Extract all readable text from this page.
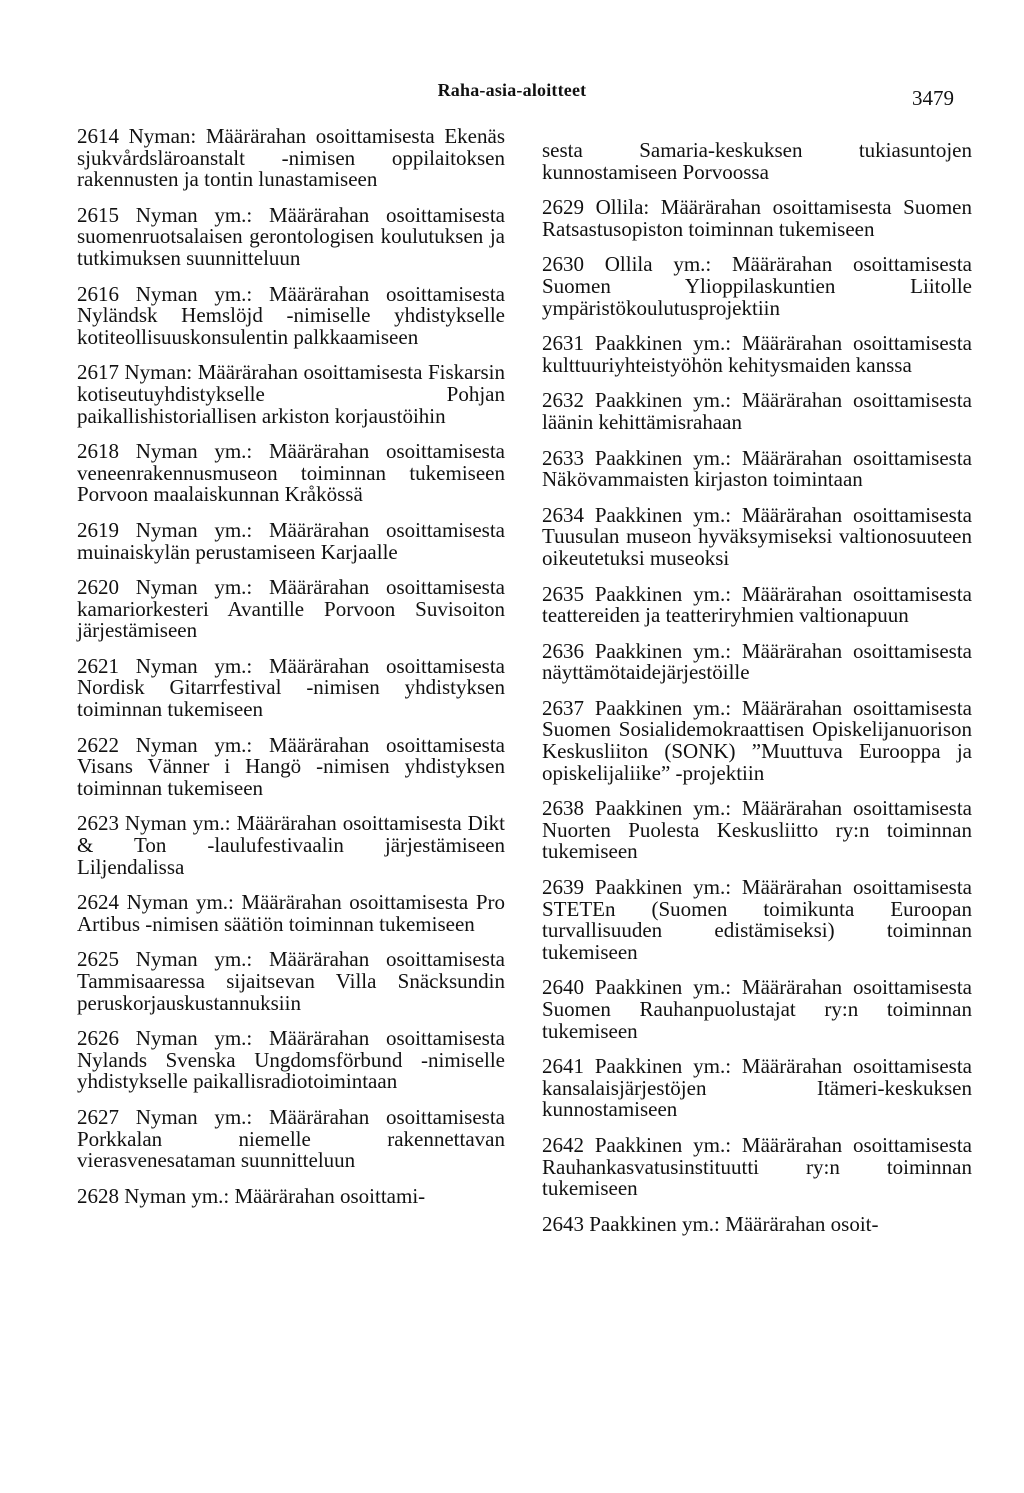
Raha-asia-aloitteet	3479

2614 Nyman: Määrärahan osoittamisesta Ekenäs sjukvårdsläroanstalt -nimisen oppilaitoksen rakennusten ja tontin lunastamiseen

2615 Nyman ym.: Määrärahan osoittamisesta suomenruotsalaisen gerontologisen koulutuksen ja tutkimuksen suunnitteluun

2616 Nyman ym.: Määrärahan osoittamisesta Nyländsk Hemslöjd -nimiselle yhdistykselle kotiteollisuuskonsulentin palkkaamiseen

2617 Nyman: Määrärahan osoittamisesta Fiskarsin kotiseutuyhdistykselle Pohjan paikallishistoriallisen arkiston korjaustöihin

2618 Nyman ym.: Määrärahan osoittamisesta veneenrakennusmuseon toiminnan tukemiseen Porvoon maalaiskunnan Kråkössä

2619 Nyman ym.: Määrärahan osoittamisesta muinaiskylän perustamiseen Karjaalle

2620 Nyman ym.: Määrärahan osoittamisesta kamariorkesteri Avantille Porvoon Suvisoiton järjestämiseen

2621 Nyman ym.: Määrärahan osoittamisesta Nordisk Gitarrfestival -nimisen yhdistyksen toiminnan tukemiseen

2622 Nyman ym.: Määrärahan osoittamisesta Visans Vänner i Hangö -nimisen yhdistyksen toiminnan tukemiseen

2623 Nyman ym.: Määrärahan osoittamisesta Dikt & Ton -laulufestivaalin järjestämiseen Liljendalissa

2624 Nyman ym.: Määrärahan osoittamisesta Pro Artibus -nimisen säätiön toiminnan tukemiseen

2625 Nyman ym.: Määrärahan osoittamisesta Tammisaaressa sijaitsevan Villa Snäcksundin peruskorjauskustannuksiin

2626 Nyman ym.: Määrärahan osoittamisesta Nylands Svenska Ungdomsförbund -nimiselle yhdistykselle paikallisradiotoimintaan

2627 Nyman ym.: Määrärahan osoittamisesta Porkkalan niemelle rakennettavan vierasvenesataman suunnitteluun

2628 Nyman ym.: Määrärahan osoittami-

sesta Samaria-keskuksen tukiasuntojen kunnostamiseen Porvoossa

2629 Ollila: Määrärahan osoittamisesta Suomen Ratsastusopiston toiminnan tukemiseen

2630 Ollila ym.: Määrärahan osoittamisesta Suomen Ylioppilaskuntien Liitolle ympäristökoulutusprojektiin

2631 Paakkinen ym.: Määrärahan osoittamisesta kulttuuriyhteistyöhön kehitysmaiden kanssa

2632 Paakkinen ym.: Määrärahan osoittamisesta läänin kehittämisrahaan

2633 Paakkinen ym.: Määrärahan osoittamisesta Näkövammaisten kirjaston toimintaan

2634 Paakkinen ym.: Määrärahan osoittamisesta Tuusulan museon hyväksymiseksi valtionosuuteen oikeutetuksi museoksi

2635 Paakkinen ym.: Määrärahan osoittamisesta teattereiden ja teatteriryhmien valtionapuun

2636 Paakkinen ym.: Määrärahan osoittamisesta näyttämötaidejärjestöille

2637 Paakkinen ym.: Määrärahan osoittamisesta Suomen Sosialidemokraattisen Opiskelijanuorison Keskusliiton (SONK) ”Muuttuva Eurooppa ja opiskelijaliike” -projektiin

2638 Paakkinen ym.: Määrärahan osoittamisesta Nuorten Puolesta Keskusliitto ry:n toiminnan tukemiseen

2639 Paakkinen ym.: Määrärahan osoittamisesta STETEn (Suomen toimikunta Euroopan turvallisuuden edistämiseksi) toiminnan tukemiseen

2640 Paakkinen ym.: Määrärahan osoittamisesta Suomen Rauhanpuolustajat ry:n toiminnan tukemiseen

2641 Paakkinen ym.: Määrärahan osoittamisesta kansalaisjärjestöjen Itämeri-keskuksen kunnostamiseen

2642 Paakkinen ym.: Määrärahan osoittamisesta Rauhankasvatusinstituutti ry:n toiminnan tukemiseen

2643 Paakkinen ym.: Määrärahan osoit-
